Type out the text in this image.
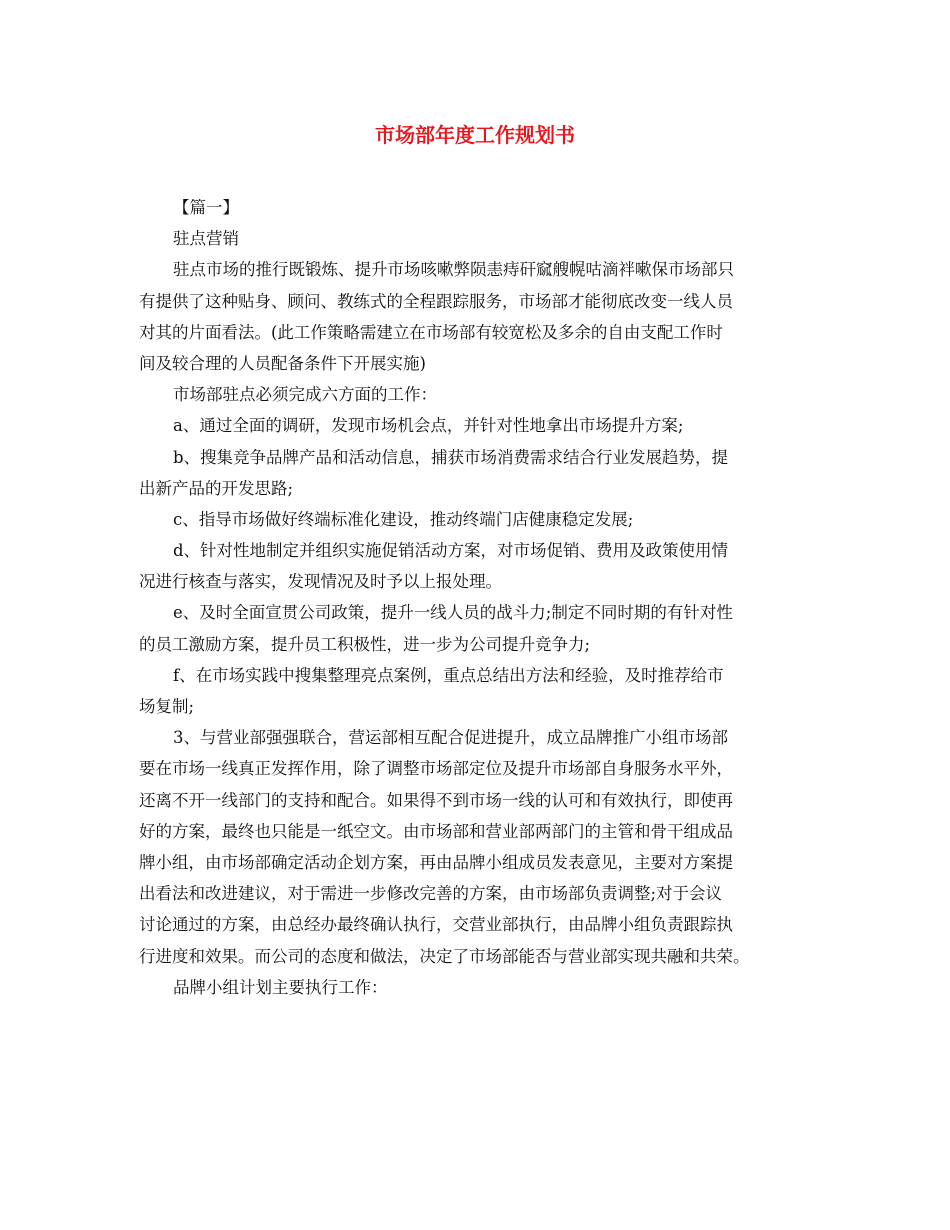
市场部年度工作规划书

【篇一】

驻点营销

驻点市场的推行既锻炼、提升市场咳嗽弊陨恚痔矸窳艘幌咕滴袢嗽保市场部只
有提供了这种贴身、顾问、教练式的全程跟踪服务，市场部才能彻底改变一线人员
对其的片面看法。(此工作策略需建立在市场部有较宽松及多余的自由支配工作时
间及较合理的人员配备条件下开展实施)

市场部驻点必须完成六方面的工作：

a、通过全面的调研，发现市场机会点，并针对性地拿出市场提升方案;

b、搜集竞争品牌产品和活动信息，捕获市场消费需求结合行业发展趋势，提
出新产品的开发思路;

c、指导市场做好终端标准化建设，推动终端门店健康稳定发展;

d、针对性地制定并组织实施促销活动方案，对市场促销、费用及政策使用情
况进行核查与落实，发现情况及时予以上报处理。

e、及时全面宣贯公司政策，提升一线人员的战斗力;制定不同时期的有针对性
的员工激励方案，提升员工积极性，进一步为公司提升竞争力;

f、在市场实践中搜集整理亮点案例，重点总结出方法和经验，及时推荐给市
场复制;

3、与营业部强强联合，营运部相互配合促进提升，成立品牌推广小组市场部
要在市场一线真正发挥作用，除了调整市场部定位及提升市场部自身服务水平外，
还离不开一线部门的支持和配合。如果得不到市场一线的认可和有效执行，即使再
好的方案，最终也只能是一纸空文。由市场部和营业部两部门的主管和骨干组成品
牌小组，由市场部确定活动企划方案，再由品牌小组成员发表意见，主要对方案提
出看法和改进建议，对于需进一步修改完善的方案，由市场部负责调整;对于会议
讨论通过的方案，由总经办最终确认执行，交营业部执行，由品牌小组负责跟踪执
行进度和效果。而公司的态度和做法，决定了市场部能否与营业部实现共融和共荣。

品牌小组计划主要执行工作：
